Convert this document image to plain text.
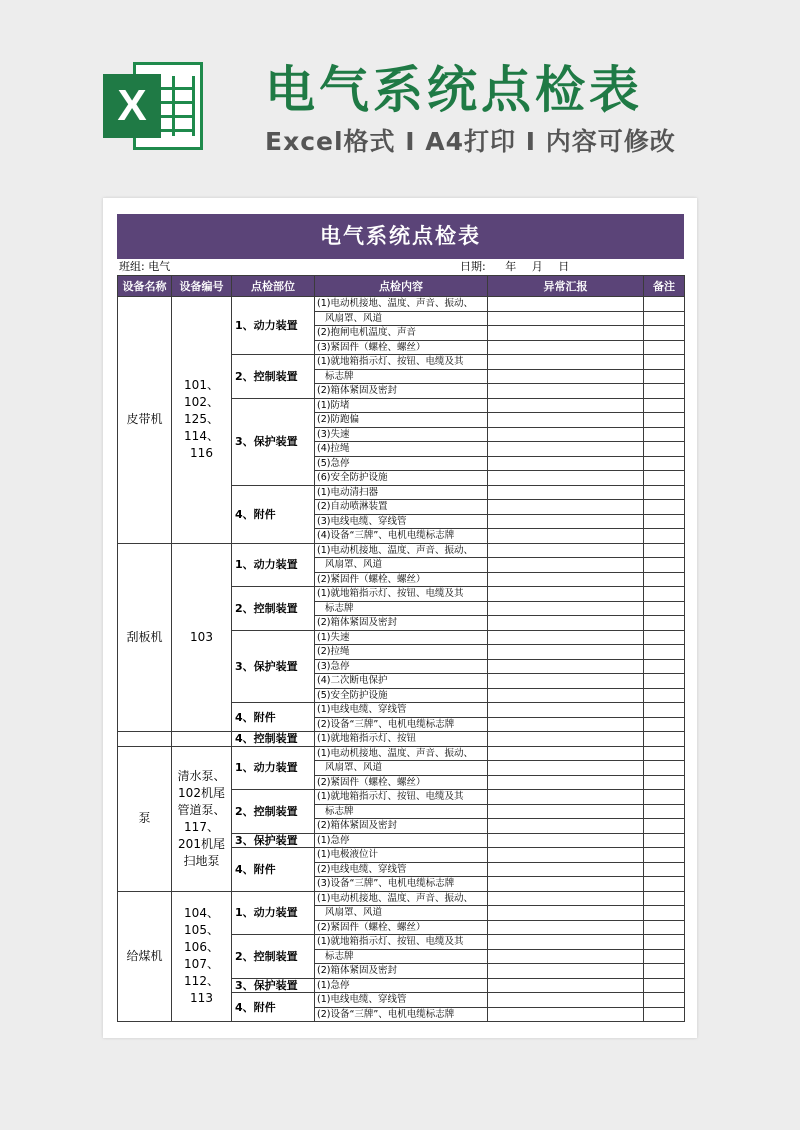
X 电气系统点检表
Excel格式 I A4打印 I 内容可修改
电气系统点检表
班组: 电气	日期: 年 月 日
设备名称	设备编号	点检部位	点检内容	异常汇报	备注
皮带机	101、102、125、114、116	1、动力装置	(1)电动机接地、温度、声音、振动、		
			风扇罩、风道		
			(2)抱闸电机温度、声音		
			(3)紧固件（螺栓、螺丝）		
		2、控制装置	(1)就地箱指示灯、按钮、电缆及其		
			标志牌		
			(2)箱体紧固及密封		
		3、保护装置	(1)防堵		
			(2)防跑偏		
			(3)失速		
			(4)拉绳		
			(5)急停		
			(6)安全防护设施		
		4、附件	(1)电动清扫器		
			(2)自动喷淋装置		
			(3)电线电缆、穿线管		
			(4)设备“三牌”、电机电缆标志牌		
刮板机	103	1、动力装置	(1)电动机接地、温度、声音、振动、		
			风扇罩、风道		
			(2)紧固件（螺栓、螺丝）		
		2、控制装置	(1)就地箱指示灯、按钮、电缆及其		
			标志牌		
			(2)箱体紧固及密封		
		3、保护装置	(1)失速		
			(2)拉绳		
			(3)急停		
			(4)二次断电保护		
			(5)安全防护设施		
		4、附件	(1)电线电缆、穿线管		
			(2)设备“三牌”、电机电缆标志牌		
		4、控制装置	(1)就地箱指示灯、按钮		
泵	清水泵、102机尾管道泵、117、201机尾扫地泵	1、动力装置	(1)电动机接地、温度、声音、振动、		
			风扇罩、风道		
			(2)紧固件（螺栓、螺丝）		
		2、控制装置	(1)就地箱指示灯、按钮、电缆及其		
			标志牌		
			(2)箱体紧固及密封		
		3、保护装置	(1)急停		
		4、附件	(1)电极液位计		
			(2)电线电缆、穿线管		
			(3)设备“三牌”、电机电缆标志牌		
给煤机	104、105、106、107、112、113	1、动力装置	(1)电动机接地、温度、声音、振动、		
			风扇罩、风道		
			(2)紧固件（螺栓、螺丝）		
		2、控制装置	(1)就地箱指示灯、按钮、电缆及其		
			标志牌		
			(2)箱体紧固及密封		
		3、保护装置	(1)急停		
		4、附件	(1)电线电缆、穿线管		
			(2)设备“三牌”、电机电缆标志牌		
